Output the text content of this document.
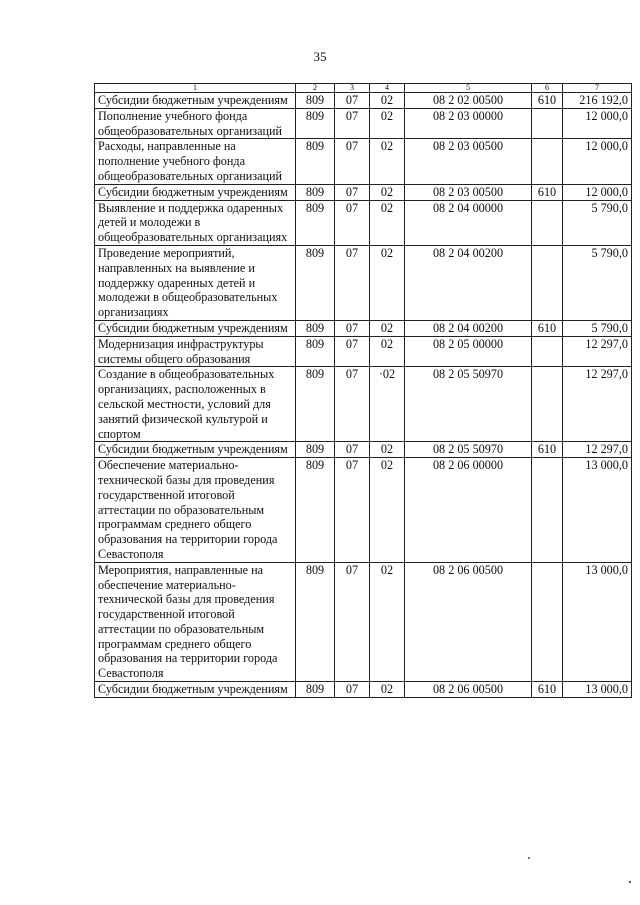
35
1	2	3	4	5	6	7
Субсидии бюджетным учреждениям	809	07	02	08 2 02 00500	610	216 192,0
Пополнение учебного фонда общеобразовательных организаций	809	07	02	08 2 03 00000		12 000,0
Расходы, направленные на пополнение учебного фонда общеобразовательных организаций	809	07	02	08 2 03 00500		12 000,0
Субсидии бюджетным учреждениям	809	07	02	08 2 03 00500	610	12 000,0
Выявление и поддержка одаренных детей и молодежи в общеобразовательных организациях	809	07	02	08 2 04 00000		5 790,0
Проведение мероприятий, направленных на выявление и поддержку одаренных детей и молодежи в общеобразовательных организациях	809	07	02	08 2 04 00200		5 790,0
Субсидии бюджетным учреждениям	809	07	02	08 2 04 00200	610	5 790,0
Модернизация инфраструктуры системы общего образования	809	07	02	08 2 05 00000		12 297,0
Создание в общеобразовательных организациях, расположенных в сельской местности, условий для занятий физической культурой и спортом	809	07	·02	08 2 05 50970		12 297,0
Субсидии бюджетным учреждениям	809	07	02	08 2 05 50970	610	12 297,0
Обеспечение материально-технической базы для проведения государственной итоговой аттестации по образовательным программам среднего общего образования на территории города Севастополя	809	07	02	08 2 06 00000		13 000,0
Мероприятия, направленные на обеспечение материально-технической базы для проведения государственной итоговой аттестации по образовательным программам среднего общего образования на территории города Севастополя	809	07	02	08 2 06 00500		13 000,0
Субсидии бюджетным учреждениям	809	07	02	08 2 06 00500	610	13 000,0
